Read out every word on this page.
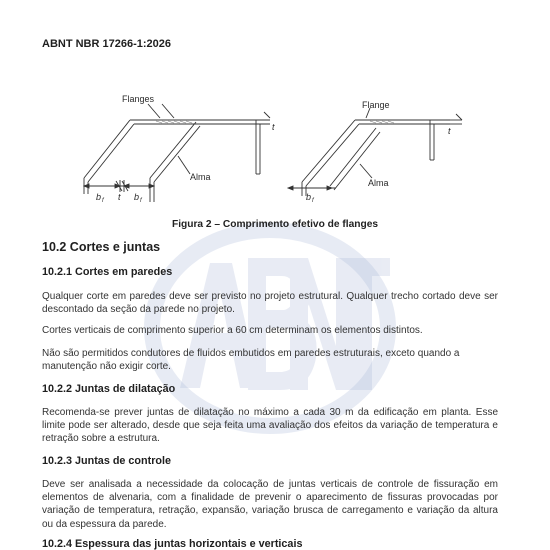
ABNT NBR 17266-1:2026
Flanges
Alma
t
b f t b f
Flange
Alma
t
b f
Figura 2 – Comprimento efetivo de flanges
10.2 Cortes e juntas
10.2.1 Cortes em paredes
Qualquer corte em paredes deve ser previsto no projeto estrutural. Qualquer trecho cortado deve ser descontado da seção da parede no projeto.
Cortes verticais de comprimento superior a 60 cm determinam os elementos distintos.
Não são permitidos condutores de fluidos embutidos em paredes estruturais, exceto quando a manutenção não exigir corte.
10.2.2 Juntas de dilatação
Recomenda-se prever juntas de dilatação no máximo a cada 30 m da edificação em planta. Esse limite pode ser alterado, desde que seja feita uma avaliação dos efeitos da variação de temperatura e retração sobre a estrutura.
10.2.3 Juntas de controle
Deve ser analisada a necessidade da colocação de juntas verticais de controle de fissuração em elementos de alvenaria, com a finalidade de prevenir o aparecimento de fissuras provocadas por variação de temperatura, retração, expansão, variação brusca de carregamento e variação da altura ou da espessura da parede.
10.2.4 Espessura das juntas horizontais e verticais
